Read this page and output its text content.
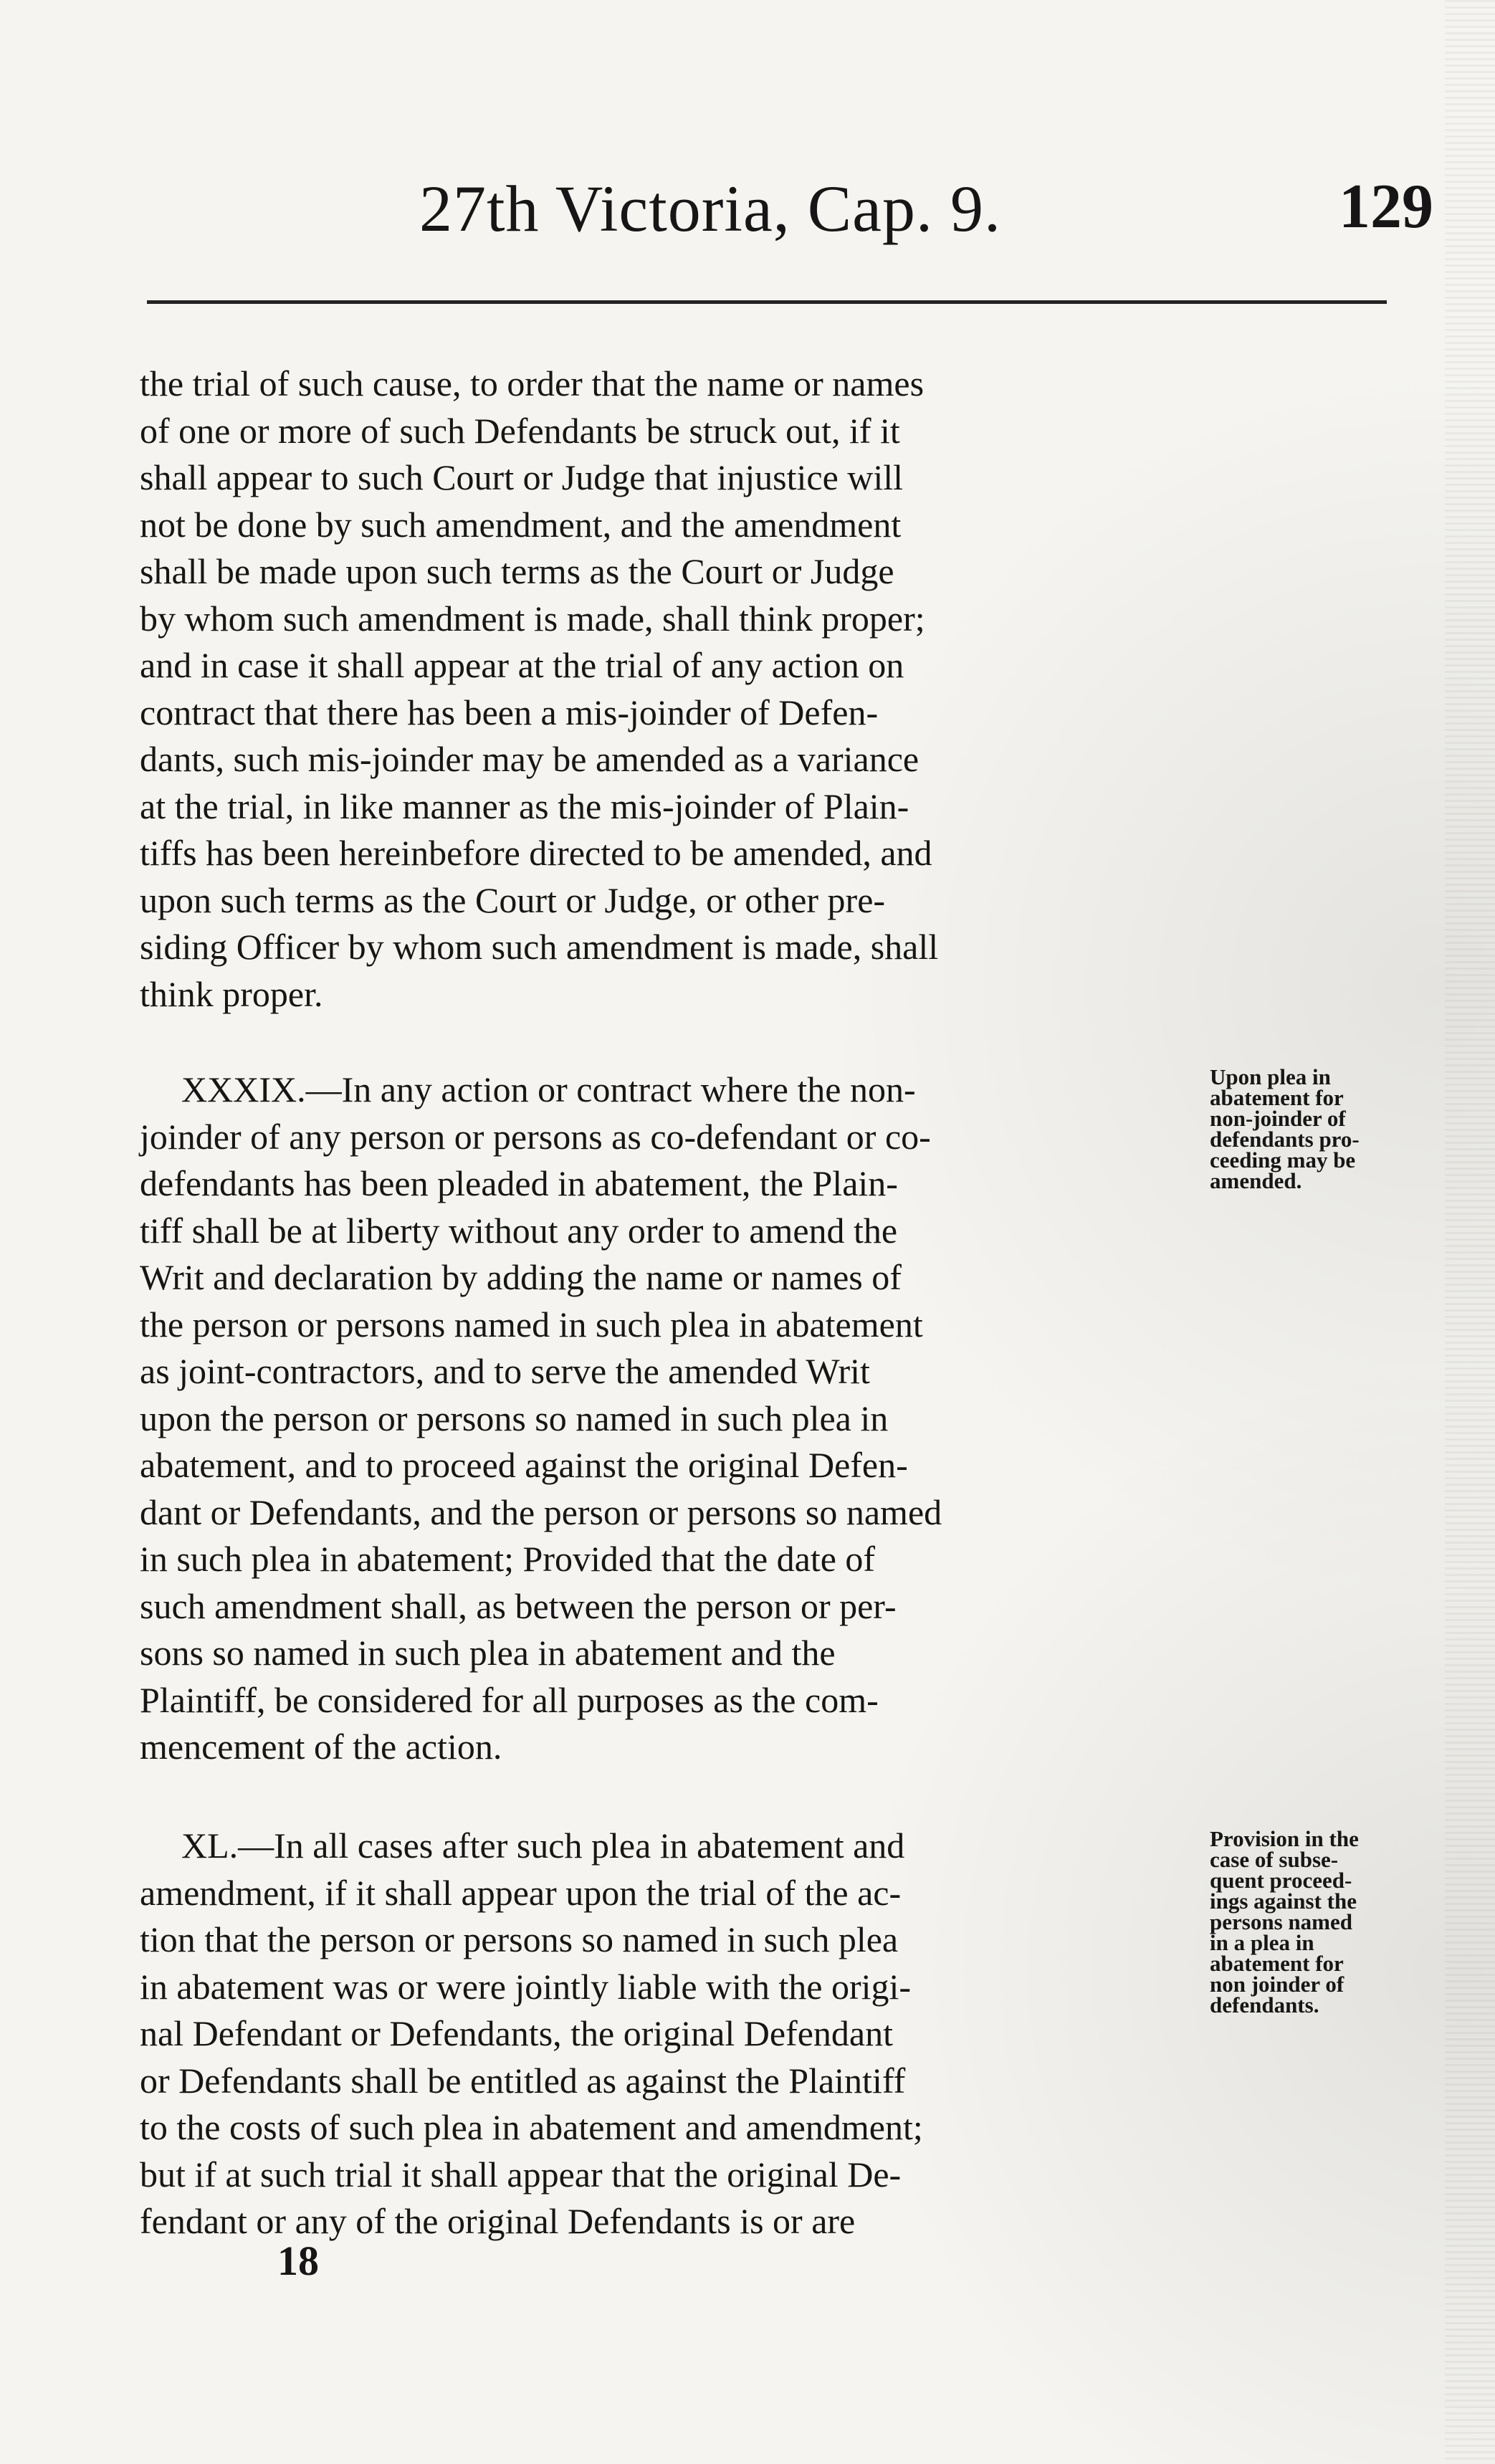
27th Victoria, Cap. 9.	129
the trial of such cause, to order that the name or names
of one or more of such Defendants be struck out, if it
shall appear to such Court or Judge that injustice will
not be done by such amendment, and the amendment
shall be made upon such terms as the Court or Judge
by whom such amendment is made, shall think proper;
and in case it shall appear at the trial of any action on
contract that there has been a mis-joinder of Defen-
dants, such mis-joinder may be amended as a variance
at the trial, in like manner as the mis-joinder of Plain-
tiffs has been hereinbefore directed to be amended, and
upon such terms as the Court or Judge, or other pre-
siding Officer by whom such amendment is made, shall
think proper.
XXXIX.—In any action or contract where the non-
joinder of any person or persons as co-defendant or co-
defendants has been pleaded in abatement, the Plain-
tiff shall be at liberty without any order to amend the
Writ and declaration by adding the name or names of
the person or persons named in such plea in abatement
as joint-contractors, and to serve the amended Writ
upon the person or persons so named in such plea in
abatement, and to proceed against the original Defen-
dant or Defendants, and the person or persons so named
in such plea in abatement; Provided that the date of
such amendment shall, as between the person or per-
sons so named in such plea in abatement and the
Plaintiff, be considered for all purposes as the com-
mencement of the action.
Upon plea in
abatement for
non-joinder of
defendants pro-
ceeding may be
amended.
XL.—In all cases after such plea in abatement and
amendment, if it shall appear upon the trial of the ac-
tion that the person or persons so named in such plea
in abatement was or were jointly liable with the origi-
nal Defendant or Defendants, the original Defendant
or Defendants shall be entitled as against the Plaintiff
to the costs of such plea in abatement and amendment;
but if at such trial it shall appear that the original De-
fendant or any of the original Defendants is or are
Provision in the
case of subse-
quent proceed-
ings against the
persons named
in a plea in
abatement for
non joinder of
defendants.
18
